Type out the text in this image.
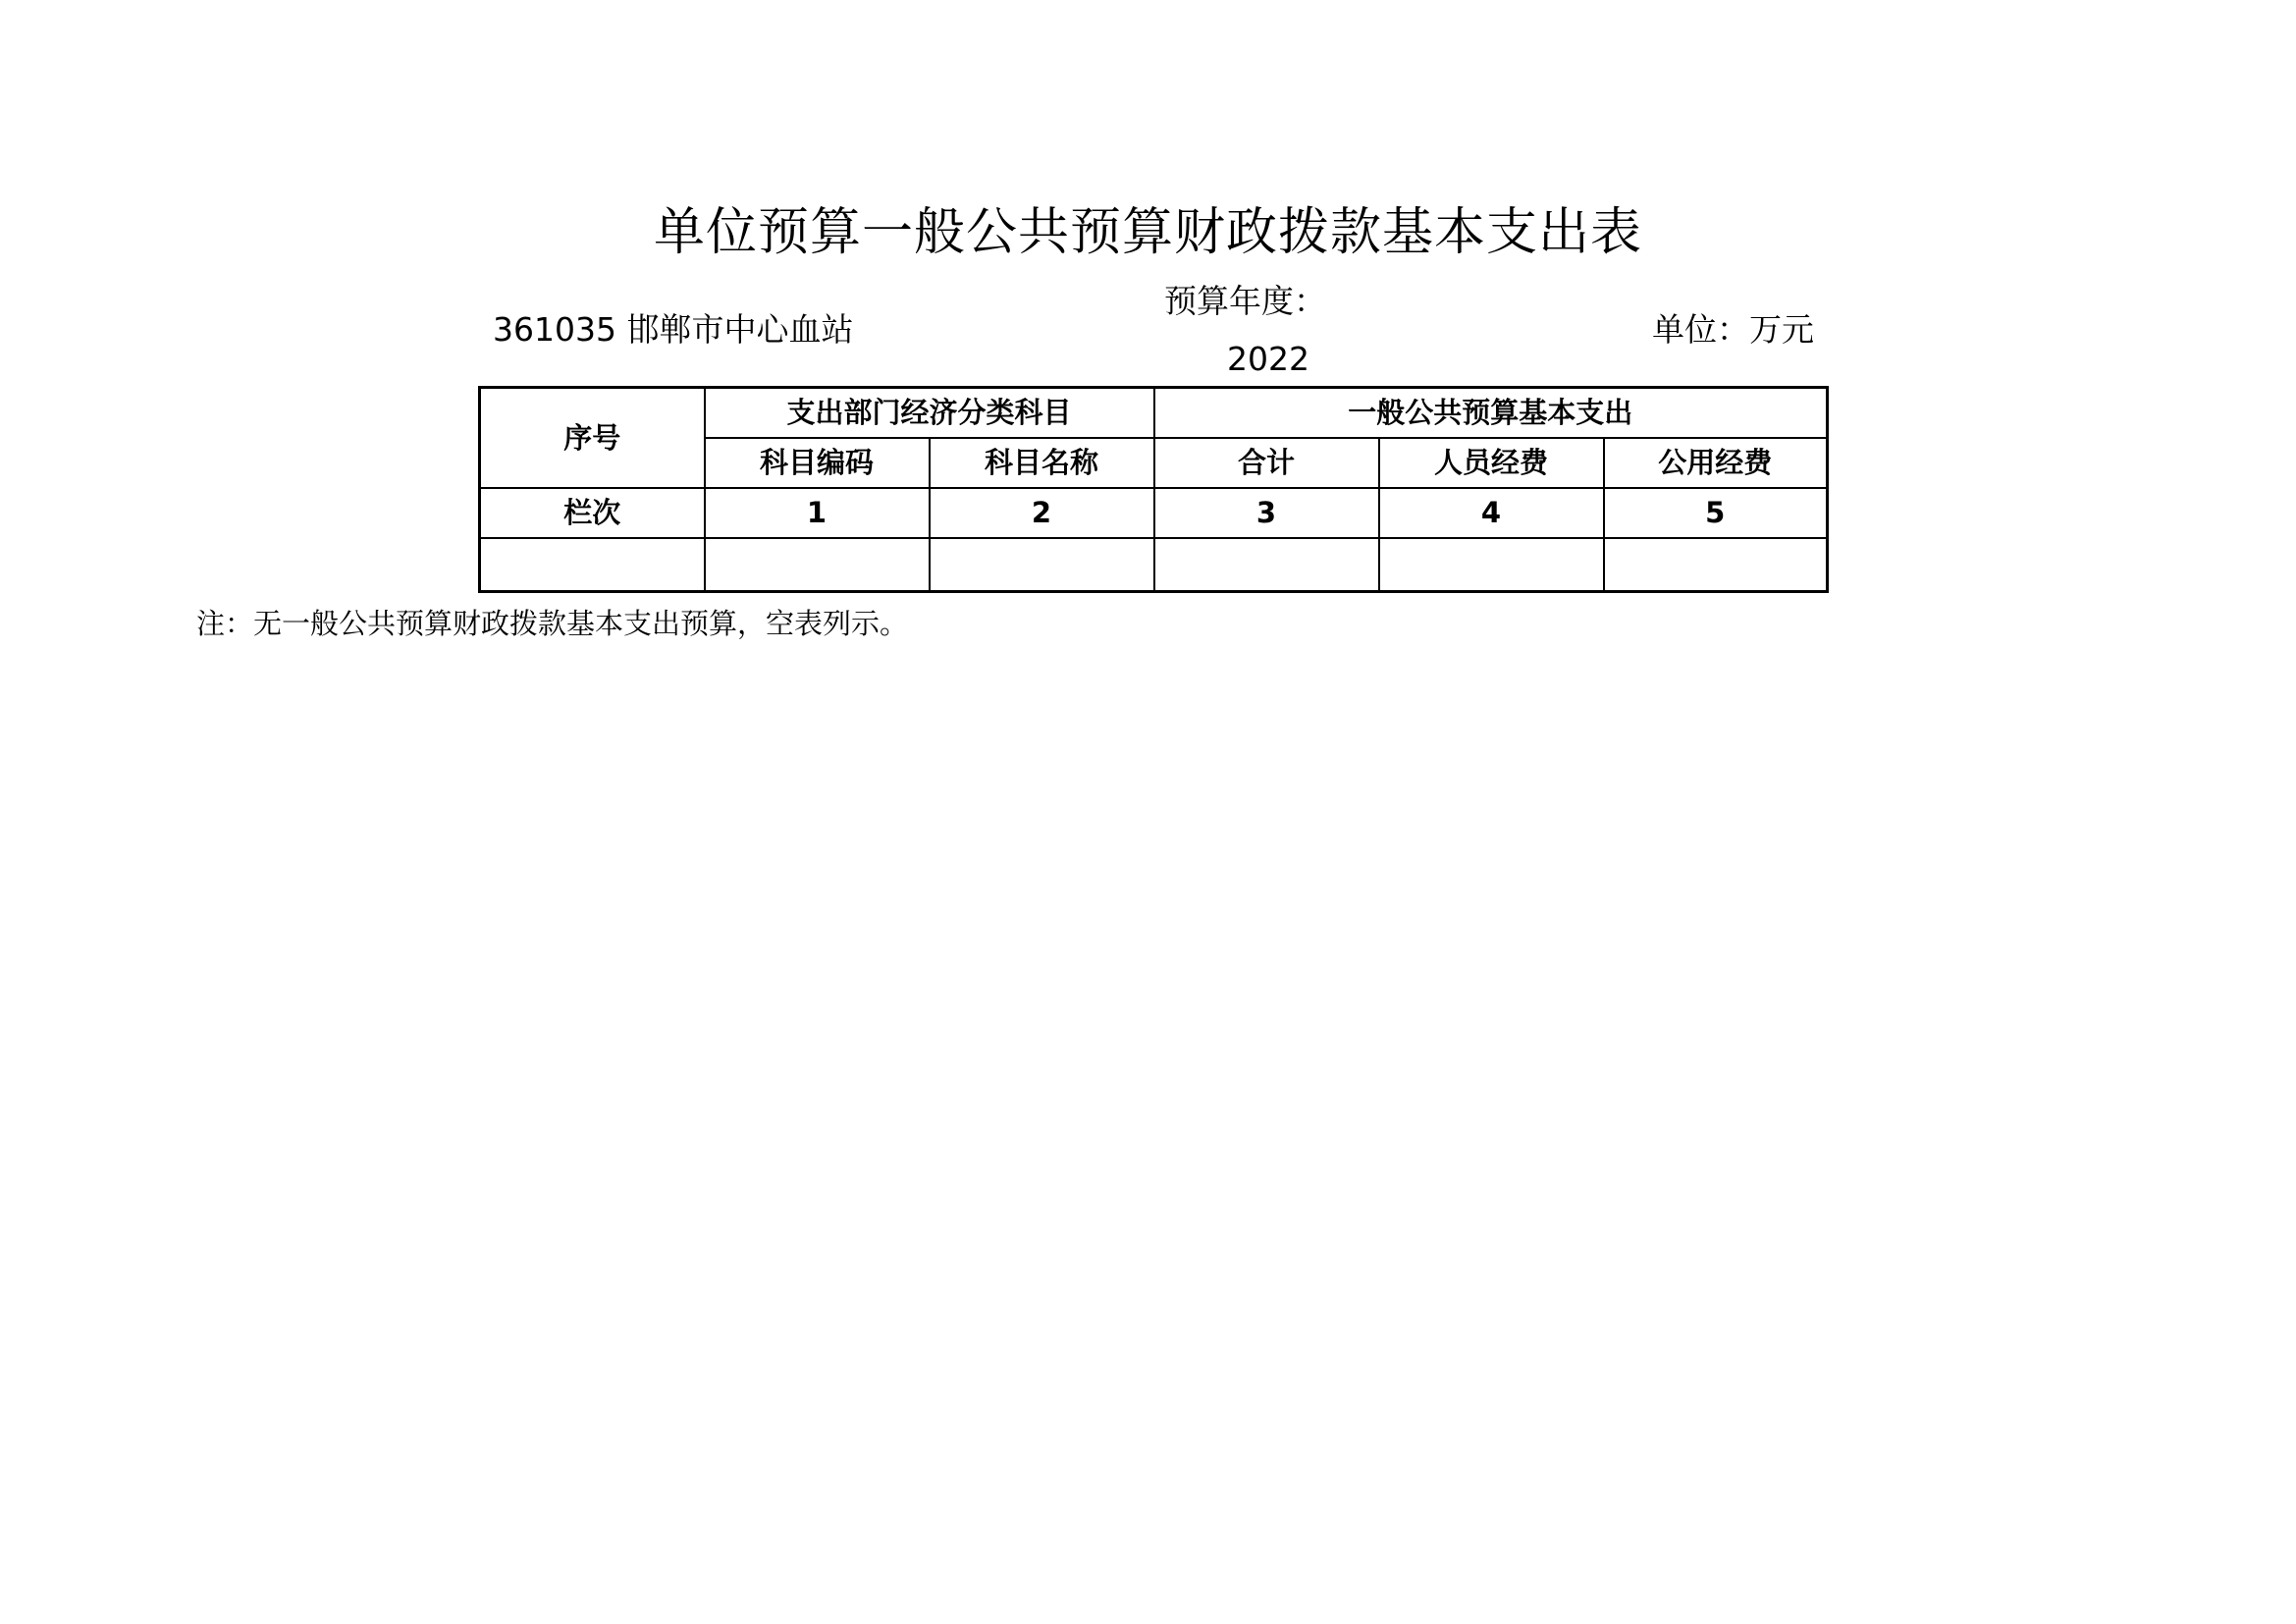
单位预算一般公共预算财政拨款基本支出表
361035 邯郸市中心血站
预算年度：
2022
单位：万元
序号	支出部门经济分类科目		一般公共预算基本支出		
	科目编码	科目名称	合计	人员经费	公用经费
栏次	1	2	3	4	5

注：无一般公共预算财政拨款基本支出预算，空表列示。
